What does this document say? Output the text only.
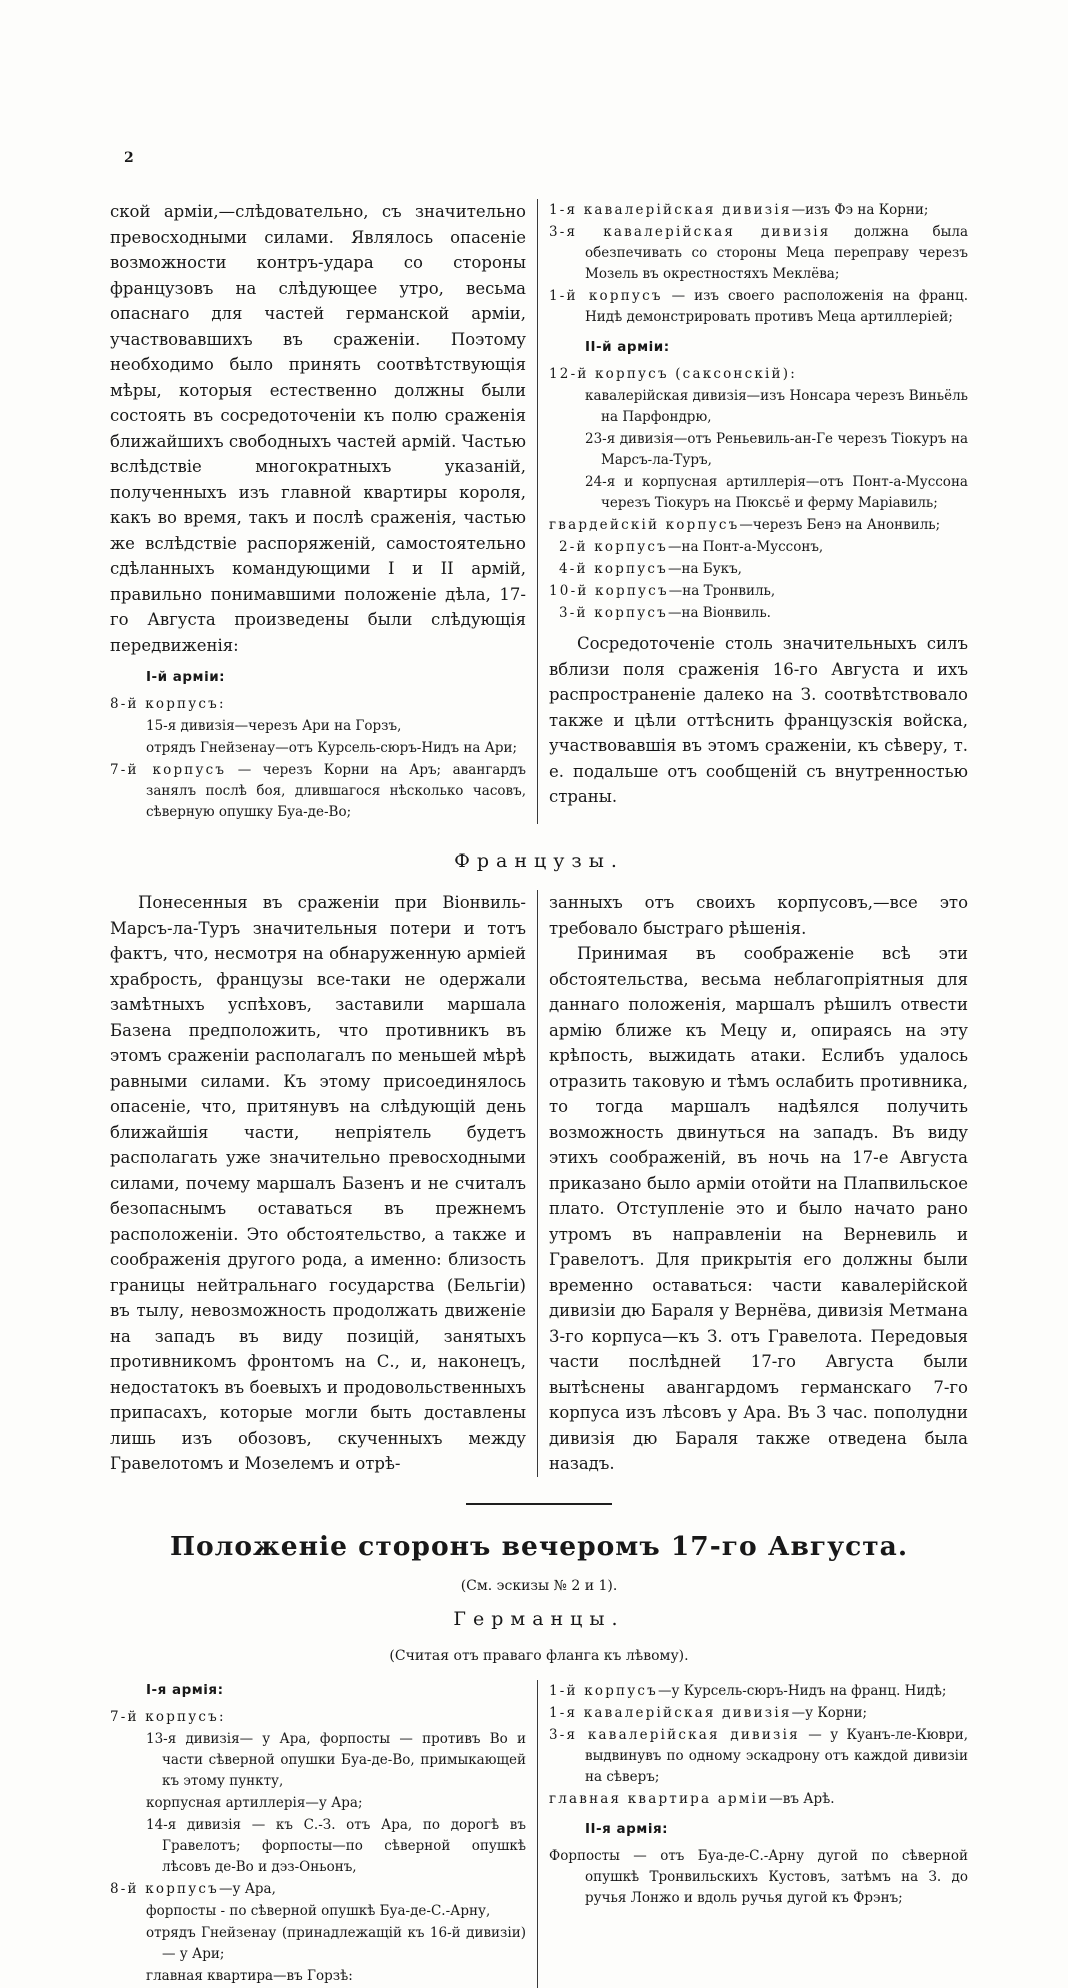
2

ской арміи,—слѣдовательно, съ значительно превосходными силами. Являлось опасеніе возможности контръ-удара со стороны французовъ на слѣдующее утро, весьма опаснаго для частей германской арміи, участвовавшихъ въ сраженіи. Поэтому необходимо было принять соотвѣтствующія мѣры, которыя естественно должны были состоять въ сосредоточеніи къ полю сраженія ближайшихъ свободныхъ частей армій. Частью вслѣдствіе многократныхъ указаній, полученныхъ изъ главной квартиры короля, какъ во время, такъ и послѣ сраженія, частью же вслѣдствіе распоряженій, самостоятельно сдѣланныхъ командующими I и II армій, правильно понимавшими положеніе дѣла, 17-го Августа произведены были слѣдующія передвиженія:

І-й арміи:
8-й корпусъ:
15-я дивизія—черезъ Ари на Горзъ,
отрядъ Гнейзенау—отъ Курсель-сюръ-Нидъ на Ари;
7-й корпусъ — черезъ Корни на Аръ; авангардъ занялъ послѣ боя, длившагося нѣсколько часовъ, сѣверную опушку Буа-де-Во;
1-я кавалерійская дивизія—изъ Фэ на Корни;
3-я кавалерійская дивизія должна была обезпечивать со стороны Меца переправу черезъ Мозель въ окрестностяхъ Меклёва;
1-й корпусъ — изъ своего расположенія на франц. Нидѣ демонстрировать противъ Меца артиллеріей;
ІІ-й арміи:
12-й корпусъ (саксонскій):
кавалерійская дивизія—изъ Нонсара черезъ Виньёль на Парфондрю,
23-я дивизія—отъ Реньевиль-ан-Ге черезъ Тіокуръ на Марсъ-ла-Туръ,
24-я и корпусная артиллерія—отъ Понт-а-Муссона черезъ Тіокуръ на Пюксьё и ферму Маріавиль;
гвардейскій корпусъ—черезъ Бенэ на Анонвиль;
2-й корпусъ—на Понт-а-Муссонъ,
4-й корпусъ—на Букъ,
10-й корпусъ—на Тронвиль,
3-й корпусъ—на Віонвиль.

Сосредоточеніе столь значительныхъ силъ вблизи поля сраженія 16-го Августа и ихъ распространеніе далеко на З. соотвѣтствовало также и цѣли оттѣснить французскія войска, участвовавшія въ этомъ сраженіи, къ сѣверу, т. е. подальше отъ сообщеній съ внутренностью страны.

Французы.

Понесенныя въ сраженіи при Віонвиль-Марсъ-ла-Туръ значительныя потери и тотъ фактъ, что, несмотря на обнаруженную арміей храбрость, французы все-таки не одержали замѣтныхъ успѣховъ, заставили маршала Базена предположить, что противникъ въ этомъ сраженіи располагалъ по меньшей мѣрѣ равными силами. Къ этому присоединялось опасеніе, что, притянувъ на слѣдующій день ближайшія части, непріятель будетъ располагать уже значительно превосходными силами, почему маршалъ Базенъ и не считалъ безопаснымъ оставаться въ прежнемъ расположеніи. Это обстоятельство, а также и соображенія другого рода, а именно: близость границы нейтральнаго государства (Бельгіи) въ тылу, невозможность продолжать движеніе на западъ въ виду позицій, занятыхъ противникомъ фронтомъ на С., и, наконецъ, недостатокъ въ боевыхъ и продовольственныхъ припасахъ, которые могли быть доставлены лишь изъ обозовъ, скученныхъ между Гравелотомъ и Мозелемъ и отрѣ-

занныхъ отъ своихъ корпусовъ,—все это требовало быстраго рѣшенія.

Принимая въ соображеніе всѣ эти обстоятельства, весьма неблагопріятныя для даннаго положенія, маршалъ рѣшилъ отвести армію ближе къ Мецу и, опираясь на эту крѣпость, выжидать атаки. Еслибъ удалось отразить таковую и тѣмъ ослабить противника, то тогда маршалъ надѣялся получить возможность двинуться на западъ. Въ виду этихъ соображеній, въ ночь на 17-е Августа приказано было арміи отойти на Плапвильское плато. Отступленіе это и было начато рано утромъ въ направленіи на Верневиль и Гравелотъ. Для прикрытія его должны были временно оставаться: части кавалерійской дивизіи дю Бараля у Вернёва, дивизія Метмана 3-го корпуса—къ З. отъ Гравелота. Передовыя части послѣдней 17-го Августа были вытѣснены авангардомъ германскаго 7-го корпуса изъ лѣсовъ у Ара. Въ 3 час. пополудни дивизія дю Бараля также отведена была назадъ.

Положеніе сторонъ вечеромъ 17-го Августа.
(См. эскизы № 2 и 1).
Германцы.
(Считая отъ праваго фланга къ лѣвому).
І-я армія:
7-й корпусъ:
13-я дивизія— у Ара, форпосты — противъ Во и части сѣверной опушки Буа-де-Во, примыкающей къ этому пункту,
корпусная артиллерія—у Ара;
14-я дивизія — къ С.-З. отъ Ара, по дорогѣ въ Гравелотъ; форпосты—по сѣверной опушкѣ лѣсовъ де-Во и дэз-Оньонъ,
8-й корпусъ—у Ара,
форпосты - по сѣверной опушкѣ Буа-де-С.-Арну,
отрядъ Гнейзенау (принадлежащій къ 16-й дивизіи)— у Ари;
главная квартира—въ Горзѣ:
1-й корпусъ—у Курсель-сюръ-Нидъ на франц. Нидѣ;
1-я кавалерійская дивизія—у Корни;
3-я кавалерійская дивизія — у Куанъ-ле-Кюври, выдвинувъ по одному эскадрону отъ каждой дивизіи на сѣверъ;
главная квартира арміи—въ Арѣ.
ІІ-я армія:
Форпосты — отъ Буа-де-С.-Арну дугой по сѣверной опушкѣ Тронвильскихъ Кустовъ, затѣмъ на З. до ручья Лонжо и вдоль ручья дугой къ Фрэнъ;
